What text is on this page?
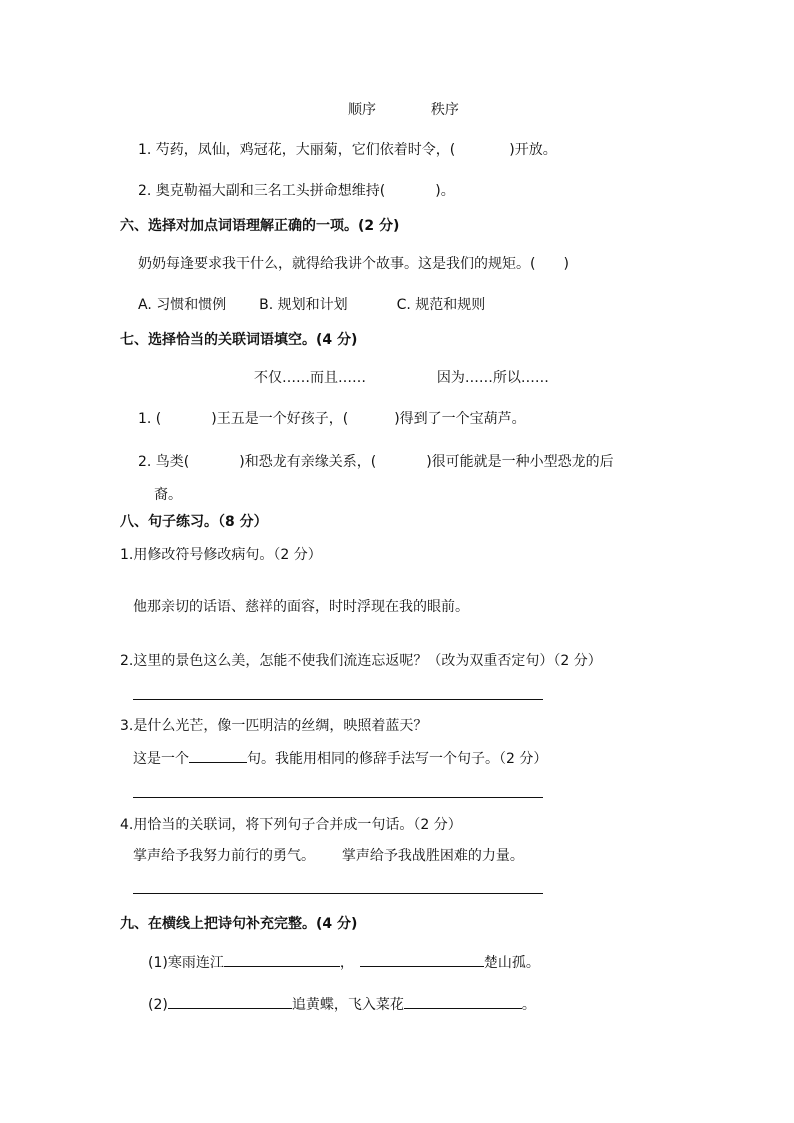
顺序	秩序
1. 芍药，凤仙，鸡冠花，大丽菊，它们依着时令，(	)开放。
2. 奥克勒福大副和三名工头拼命想维持(	)。
六、选择对加点词语理解正确的一项。(2 分)
奶奶每逢要求我干什么，就得给我讲个故事。这是我们的规矩。( )
A. 习惯和惯例 B. 规划和计划	C. 规范和规则
七、选择恰当的关联词语填空。(4 分)
不仅……而且……	因为……所以……
1. (	)王五是一个好孩子，(	)得到了一个宝葫芦。
2. 鸟类(	)和恐龙有亲缘关系，(	)很可能就是一种小型恐龙的后
裔。
八、句子练习。（8 分）
1.用修改符号修改病句。（2 分）
他那亲切的话语、慈祥的面容，时时浮现在我的眼前。
2.这里的景色这么美，怎能不使我们流连忘返呢？（改为双重否定句）（2 分）
3.是什么光芒，像一匹明洁的丝绸，映照着蓝天？
这是一个	句。我能用相同的修辞手法写一个句子。（2 分）
4.用恰当的关联词，将下列句子合并成一句话。（2 分）
掌声给予我努力前行的勇气。 掌声给予我战胜困难的力量。
九、在横线上把诗句补充完整。(4 分)
(1)寒雨连江	，	楚山孤。
(2)	追黄蝶，飞入菜花	。
